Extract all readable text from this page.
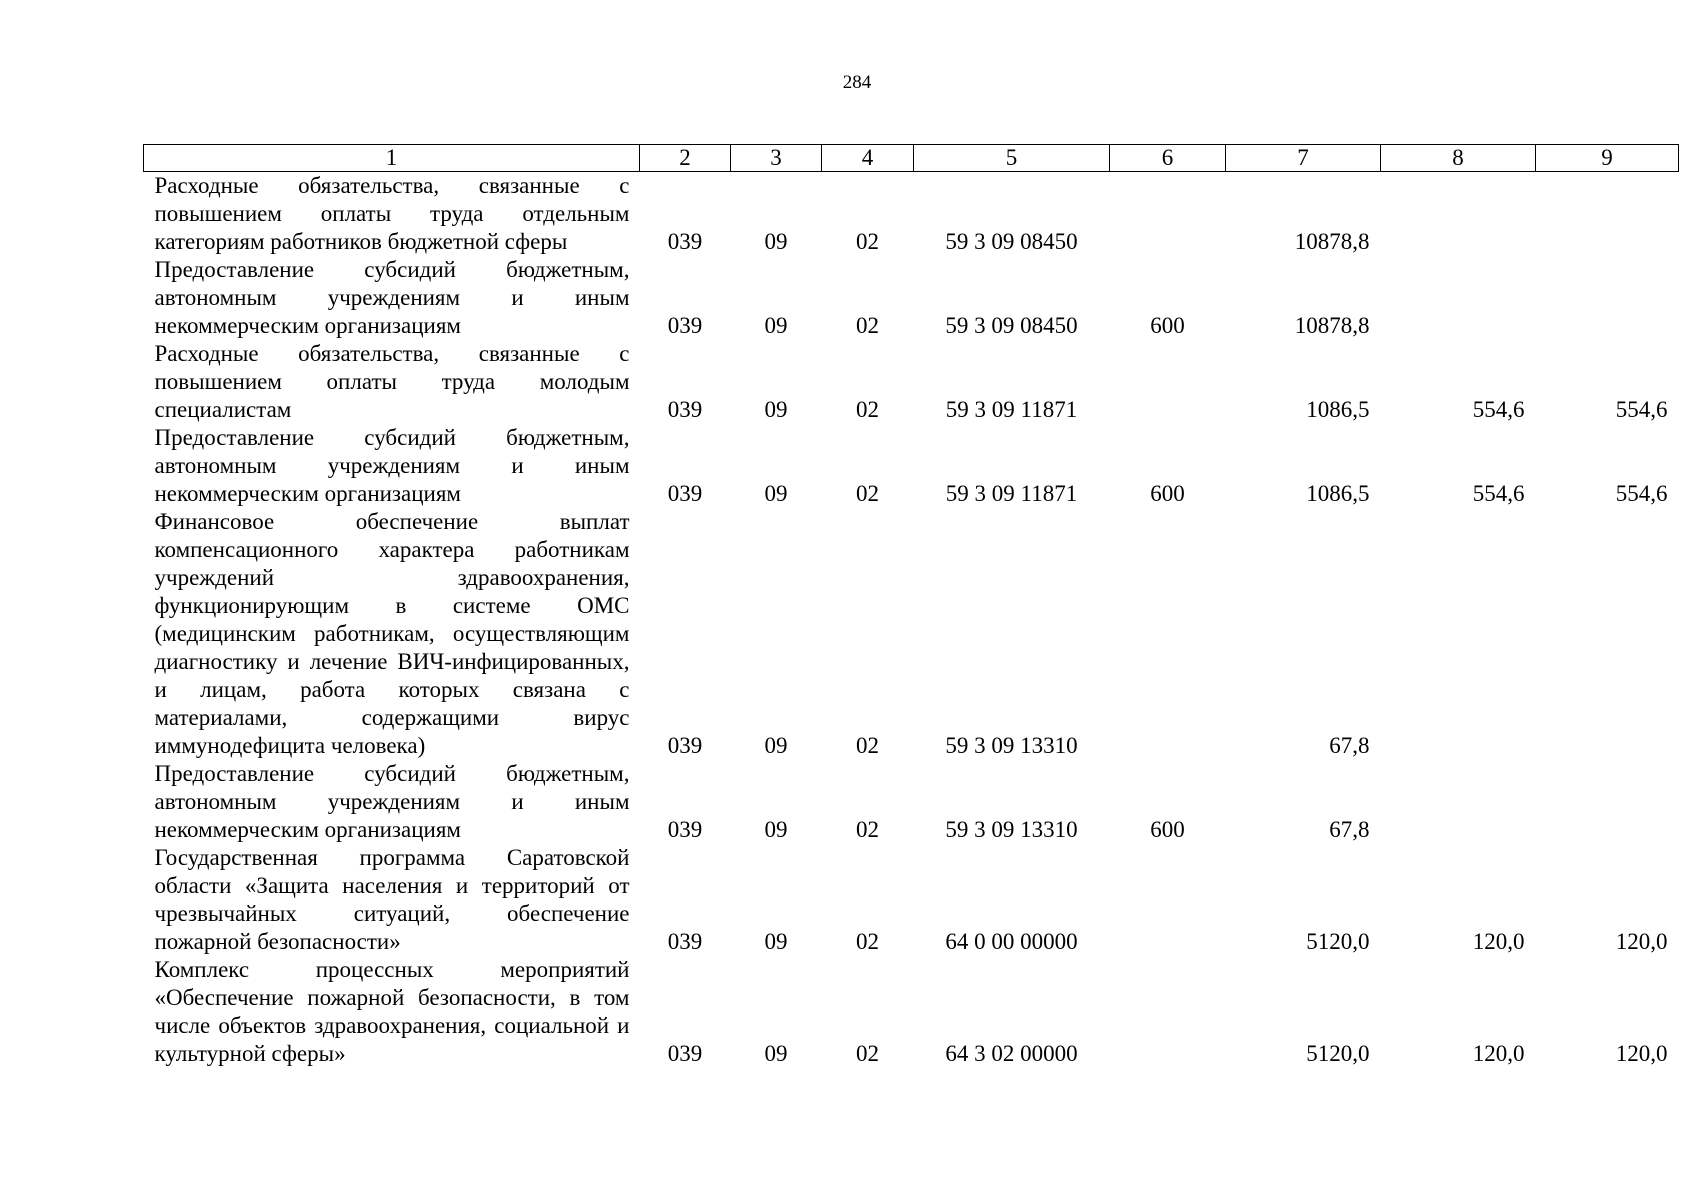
284
1	2	3	4	5	6	7	8	9
Расходные обязательства, связанные с повышением оплаты труда отдельным категориям работников бюджетной сферы	039	09	02	59 3 09 08450		10878,8		
Предоставление субсидий бюджетным, автономным учреждениям и иным некоммерческим организациям	039	09	02	59 3 09 08450	600	10878,8		
Расходные обязательства, связанные с повышением оплаты труда молодым специалистам	039	09	02	59 3 09 11871		1086,5	554,6	554,6
Предоставление субсидий бюджетным, автономным учреждениям и иным некоммерческим организациям	039	09	02	59 3 09 11871	600	1086,5	554,6	554,6
Финансовое обеспечение выплат компенсационного характера работникам учреждений здравоохранения, функционирующим в системе ОМС (медицинским работникам, осуществляющим диагностику и лечение ВИЧ-инфицированных, и лицам, работа которых связана с материалами, содержащими вирус иммунодефицита человека)	039	09	02	59 3 09 13310		67,8		
Предоставление субсидий бюджетным, автономным учреждениям и иным некоммерческим организациям	039	09	02	59 3 09 13310	600	67,8		
Государственная программа Саратовской области «Защита населения и территорий от чрезвычайных ситуаций, обеспечение пожарной безопасности»	039	09	02	64 0 00 00000		5120,0	120,0	120,0
Комплекс процессных мероприятий «Обеспечение пожарной безопасности, в том числе объектов здравоохранения, социальной и культурной сферы»	039	09	02	64 3 02 00000		5120,0	120,0	120,0
